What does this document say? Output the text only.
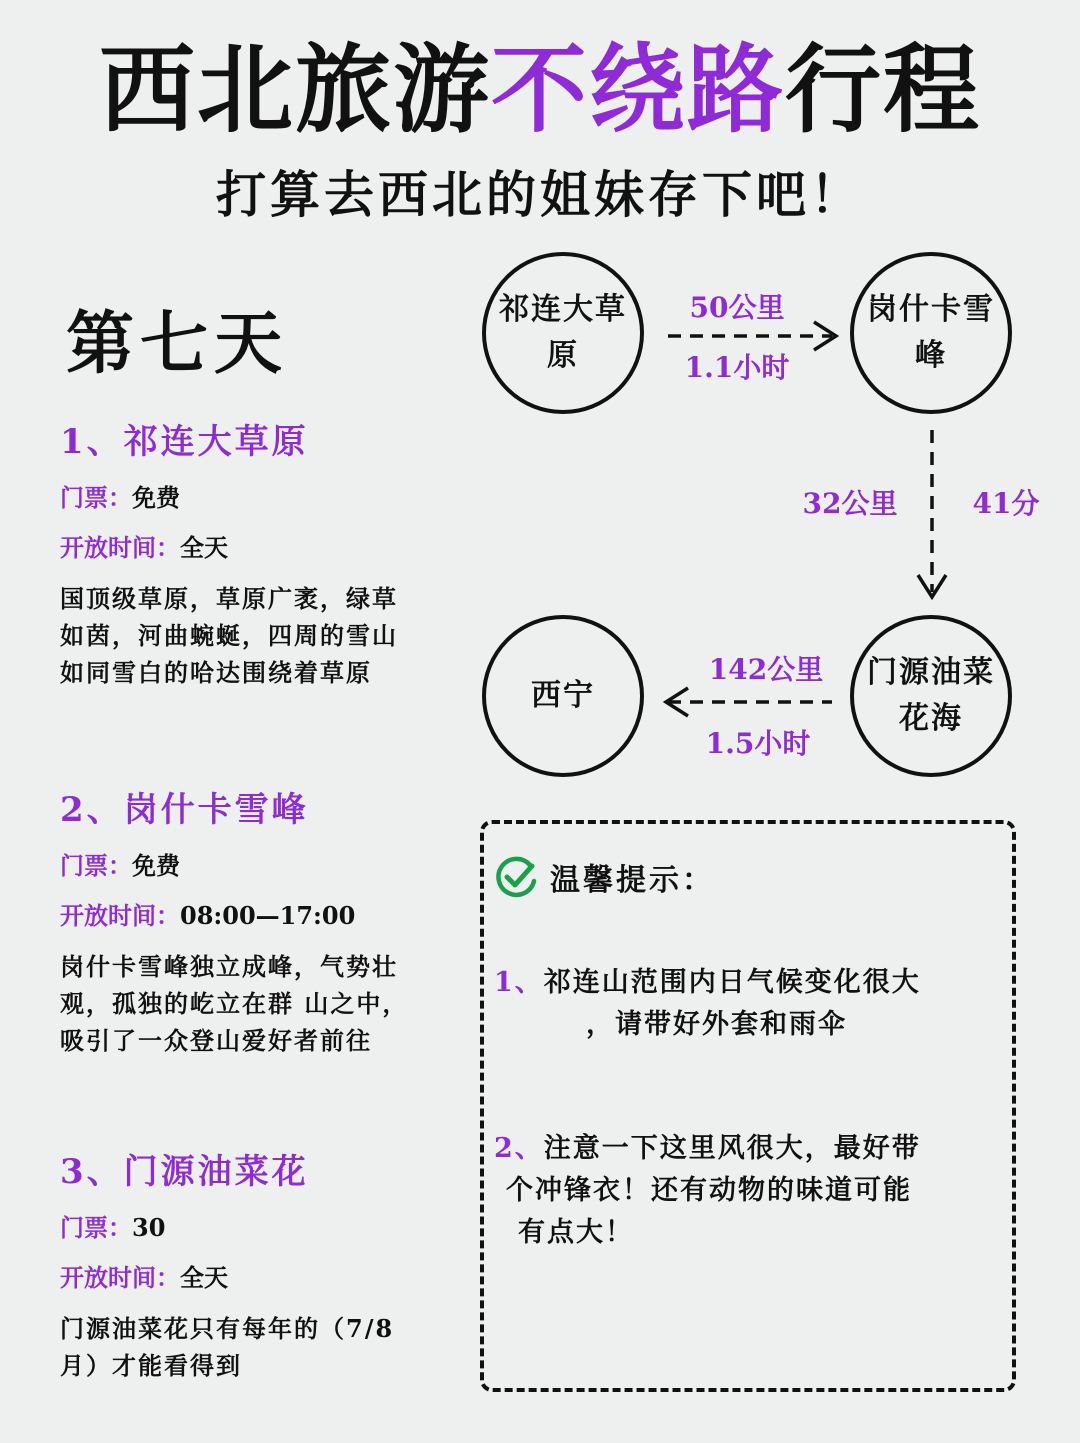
西北旅游不绕路行程
打算去西北的姐妹存下吧！
第七天
1、祁连大草原
门票：免费
开放时间：全天
国顶级草原，草原广袤，绿草如茵，河曲蜿蜒，四周的雪山如同雪白的哈达围绕着草原
2、岗什卡雪峰
门票：免费
开放时间：08:00—17:00
岗什卡雪峰独立成峰，气势壮观，孤独的屹立在群 山之中，吸引了一众登山爱好者前往
3、门源油菜花
门票：30
开放时间：全天
门源油菜花只有每年的（7/8月）才能看得到
祁连大草原
岗什卡雪峰
门源油菜花海
西宁
50公里
1.1小时
32公里	41分
142公里
1.5小时
温馨提示：
1、祁连山范围内日气候变化很大
，请带好外套和雨伞
2、注意一下这里风很大，最好带
个冲锋衣！还有动物的味道可能
有点大！
